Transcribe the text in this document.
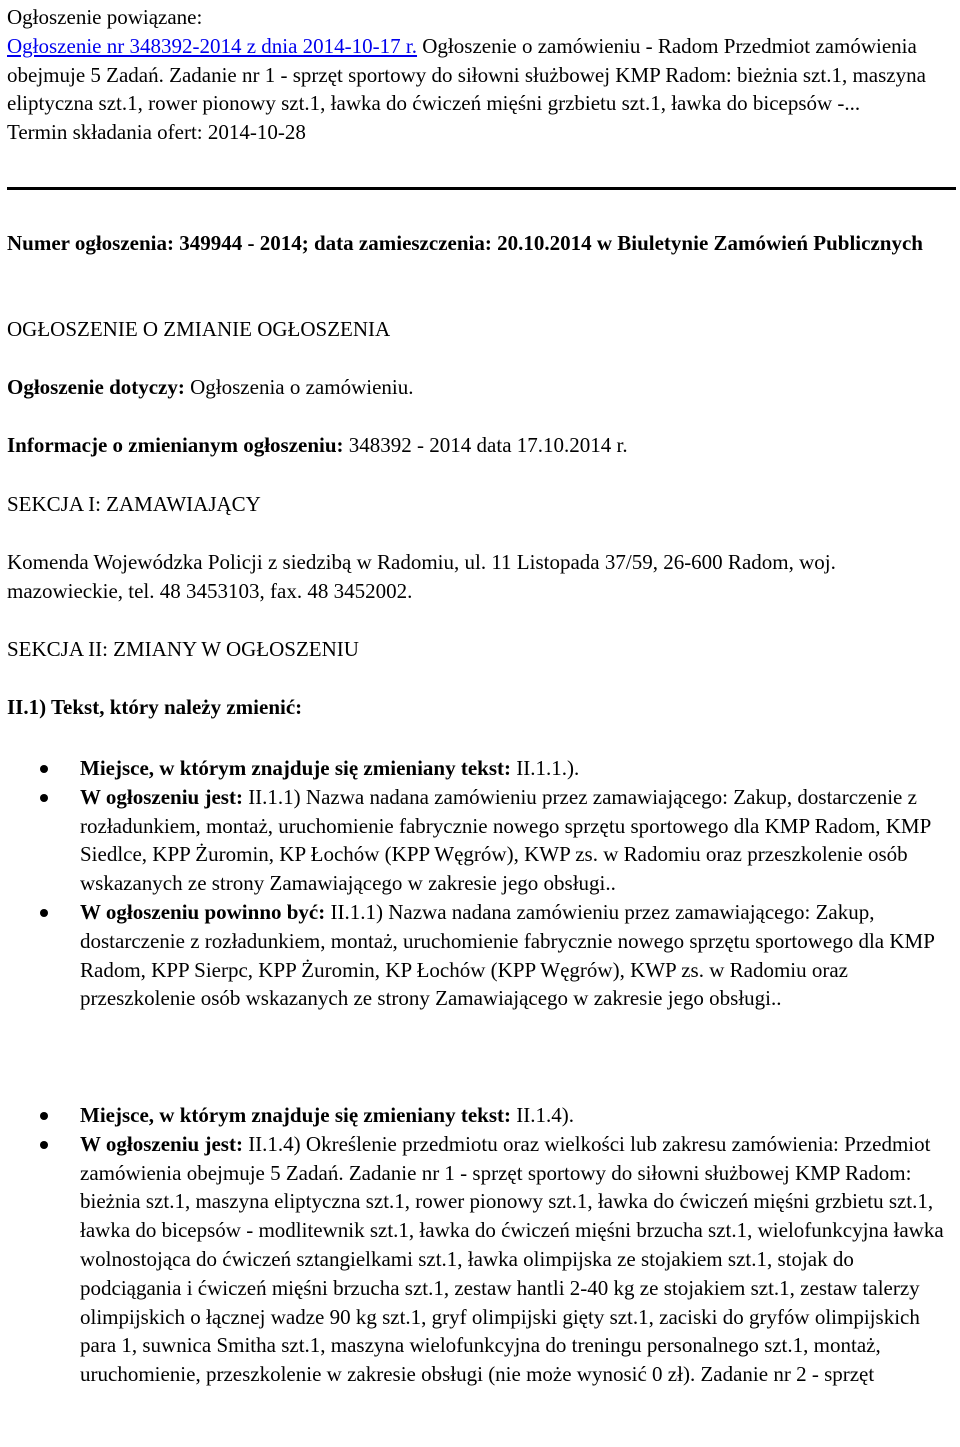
Ogłoszenie powiązane:

Ogłoszenie nr 348392-2014 z dnia 2014-10-17 r. Ogłoszenie o zamówieniu - Radom Przedmiot zamówienia obejmuje 5 Zadań. Zadanie nr 1 - sprzęt sportowy do siłowni służbowej KMP Radom: bieżnia szt.1, maszyna eliptyczna szt.1, rower pionowy szt.1, ławka do ćwiczeń mięśni grzbietu szt.1, ławka do bicepsów -...

Termin składania ofert: 2014-10-28

Numer ogłoszenia: 349944 - 2014; data zamieszczenia: 20.10.2014 w Biuletynie Zamówień Publicznych

OGŁOSZENIE O ZMIANIE OGŁOSZENIA

Ogłoszenie dotyczy: Ogłoszenia o zamówieniu.

Informacje o zmienianym ogłoszeniu: 348392 - 2014 data 17.10.2014 r.

SEKCJA I: ZAMAWIAJĄCY

Komenda Wojewódzka Policji z siedzibą w Radomiu, ul. 11 Listopada 37/59, 26-600 Radom, woj. mazowieckie, tel. 48 3453103, fax. 48 3452002.

SEKCJA II: ZMIANY W OGŁOSZENIU

II.1) Tekst, który należy zmienić:

Miejsce, w którym znajduje się zmieniany tekst: II.1.1.).
W ogłoszeniu jest: II.1.1) Nazwa nadana zamówieniu przez zamawiającego: Zakup, dostarczenie z rozładunkiem, montaż, uruchomienie fabrycznie nowego sprzętu sportowego dla KMP Radom, KMP Siedlce, KPP Żuromin, KP Łochów (KPP Węgrów), KWP zs. w Radomiu oraz przeszkolenie osób wskazanych ze strony Zamawiającego w zakresie jego obsługi..
W ogłoszeniu powinno być: II.1.1) Nazwa nadana zamówieniu przez zamawiającego: Zakup, dostarczenie z rozładunkiem, montaż, uruchomienie fabrycznie nowego sprzętu sportowego dla KMP Radom, KPP Sierpc, KPP Żuromin, KP Łochów (KPP Węgrów), KWP zs. w Radomiu oraz przeszkolenie osób wskazanych ze strony Zamawiającego w zakresie jego obsługi..
Miejsce, w którym znajduje się zmieniany tekst: II.1.4).
W ogłoszeniu jest: II.1.4) Określenie przedmiotu oraz wielkości lub zakresu zamówienia: Przedmiot zamówienia obejmuje 5 Zadań. Zadanie nr 1 - sprzęt sportowy do siłowni służbowej KMP Radom: bieżnia szt.1, maszyna eliptyczna szt.1, rower pionowy szt.1, ławka do ćwiczeń mięśni grzbietu szt.1, ławka do bicepsów - modlitewnik szt.1, ławka do ćwiczeń mięśni brzucha szt.1, wielofunkcyjna ławka wolnostojąca do ćwiczeń sztangielkami szt.1, ławka olimpijska ze stojakiem szt.1, stojak do podciągania i ćwiczeń mięśni brzucha szt.1, zestaw hantli 2-40 kg ze stojakiem szt.1, zestaw talerzy olimpijskich o łącznej wadze 90 kg szt.1, gryf olimpijski gięty szt.1, zaciski do gryfów olimpijskich para 1, suwnica Smitha szt.1, maszyna wielofunkcyjna do treningu personalnego szt.1, montaż, uruchomienie, przeszkolenie w zakresie obsługi (nie może wynosić 0 zł). Zadanie nr 2 - sprzęt
